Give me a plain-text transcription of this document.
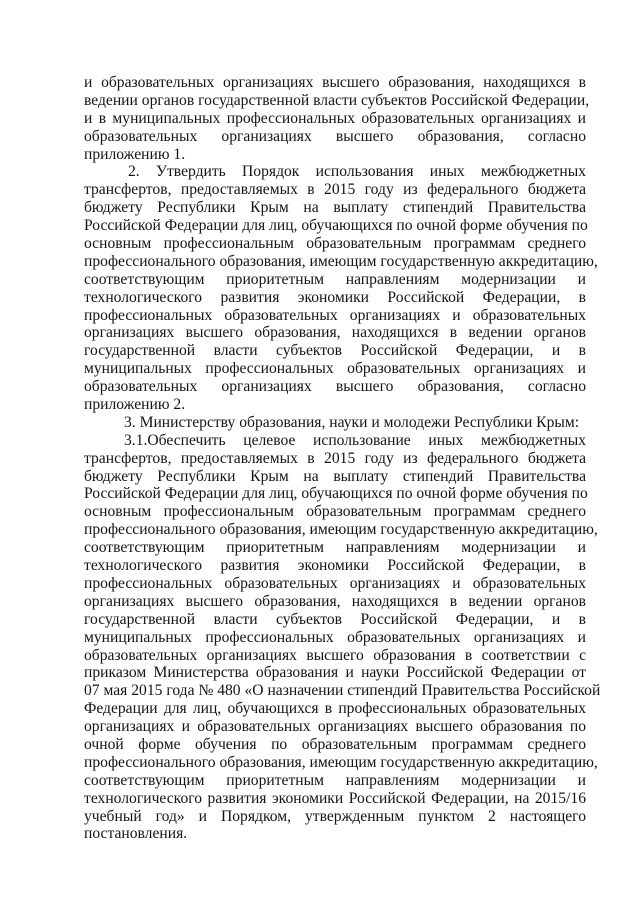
и образовательных организациях высшего образования, находящихся в
ведении органов государственной власти субъектов Российской Федерации,
и в муниципальных профессиональных образовательных организациях и
образовательных организациях высшего образования, согласно
приложению 1.
2. Утвердить Порядок использования иных межбюджетных
трансфертов, предоставляемых в 2015 году из федерального бюджета
бюджету Республики Крым на выплату стипендий Правительства
Российской Федерации для лиц, обучающихся по очной форме обучения по
основным профессиональным образовательным программам среднего
профессионального образования, имеющим государственную аккредитацию,
соответствующим приоритетным направлениям модернизации и
технологического развития экономики Российской Федерации, в
профессиональных образовательных организациях и образовательных
организациях высшего образования, находящихся в ведении органов
государственной власти субъектов Российской Федерации, и в
муниципальных профессиональных образовательных организациях и
образовательных организациях высшего образования, согласно
приложению 2.
3. Министерству образования, науки и молодежи Республики Крым:
3.1.Обеспечить целевое использование иных межбюджетных
трансфертов, предоставляемых в 2015 году из федерального бюджета
бюджету Республики Крым на выплату стипендий Правительства
Российской Федерации для лиц, обучающихся по очной форме обучения по
основным профессиональным образовательным программам среднего
профессионального образования, имеющим государственную аккредитацию,
соответствующим приоритетным направлениям модернизации и
технологического развития экономики Российской Федерации, в
профессиональных образовательных организациях и образовательных
организациях высшего образования, находящихся в ведении органов
государственной власти субъектов Российской Федерации, и в
муниципальных профессиональных образовательных организациях и
образовательных организациях высшего образования в соответствии с
приказом Министерства образования и науки Российской Федерации от
07 мая 2015 года № 480 «О назначении стипендий Правительства Российской
Федерации для лиц, обучающихся в профессиональных образовательных
организациях и образовательных организациях высшего образования по
очной форме обучения по образовательным программам среднего
профессионального образования, имеющим государственную аккредитацию,
соответствующим приоритетным направлениям модернизации и
технологического развития экономики Российской Федерации, на 2015/16
учебный год» и Порядком, утвержденным пунктом 2 настоящего
постановления.
